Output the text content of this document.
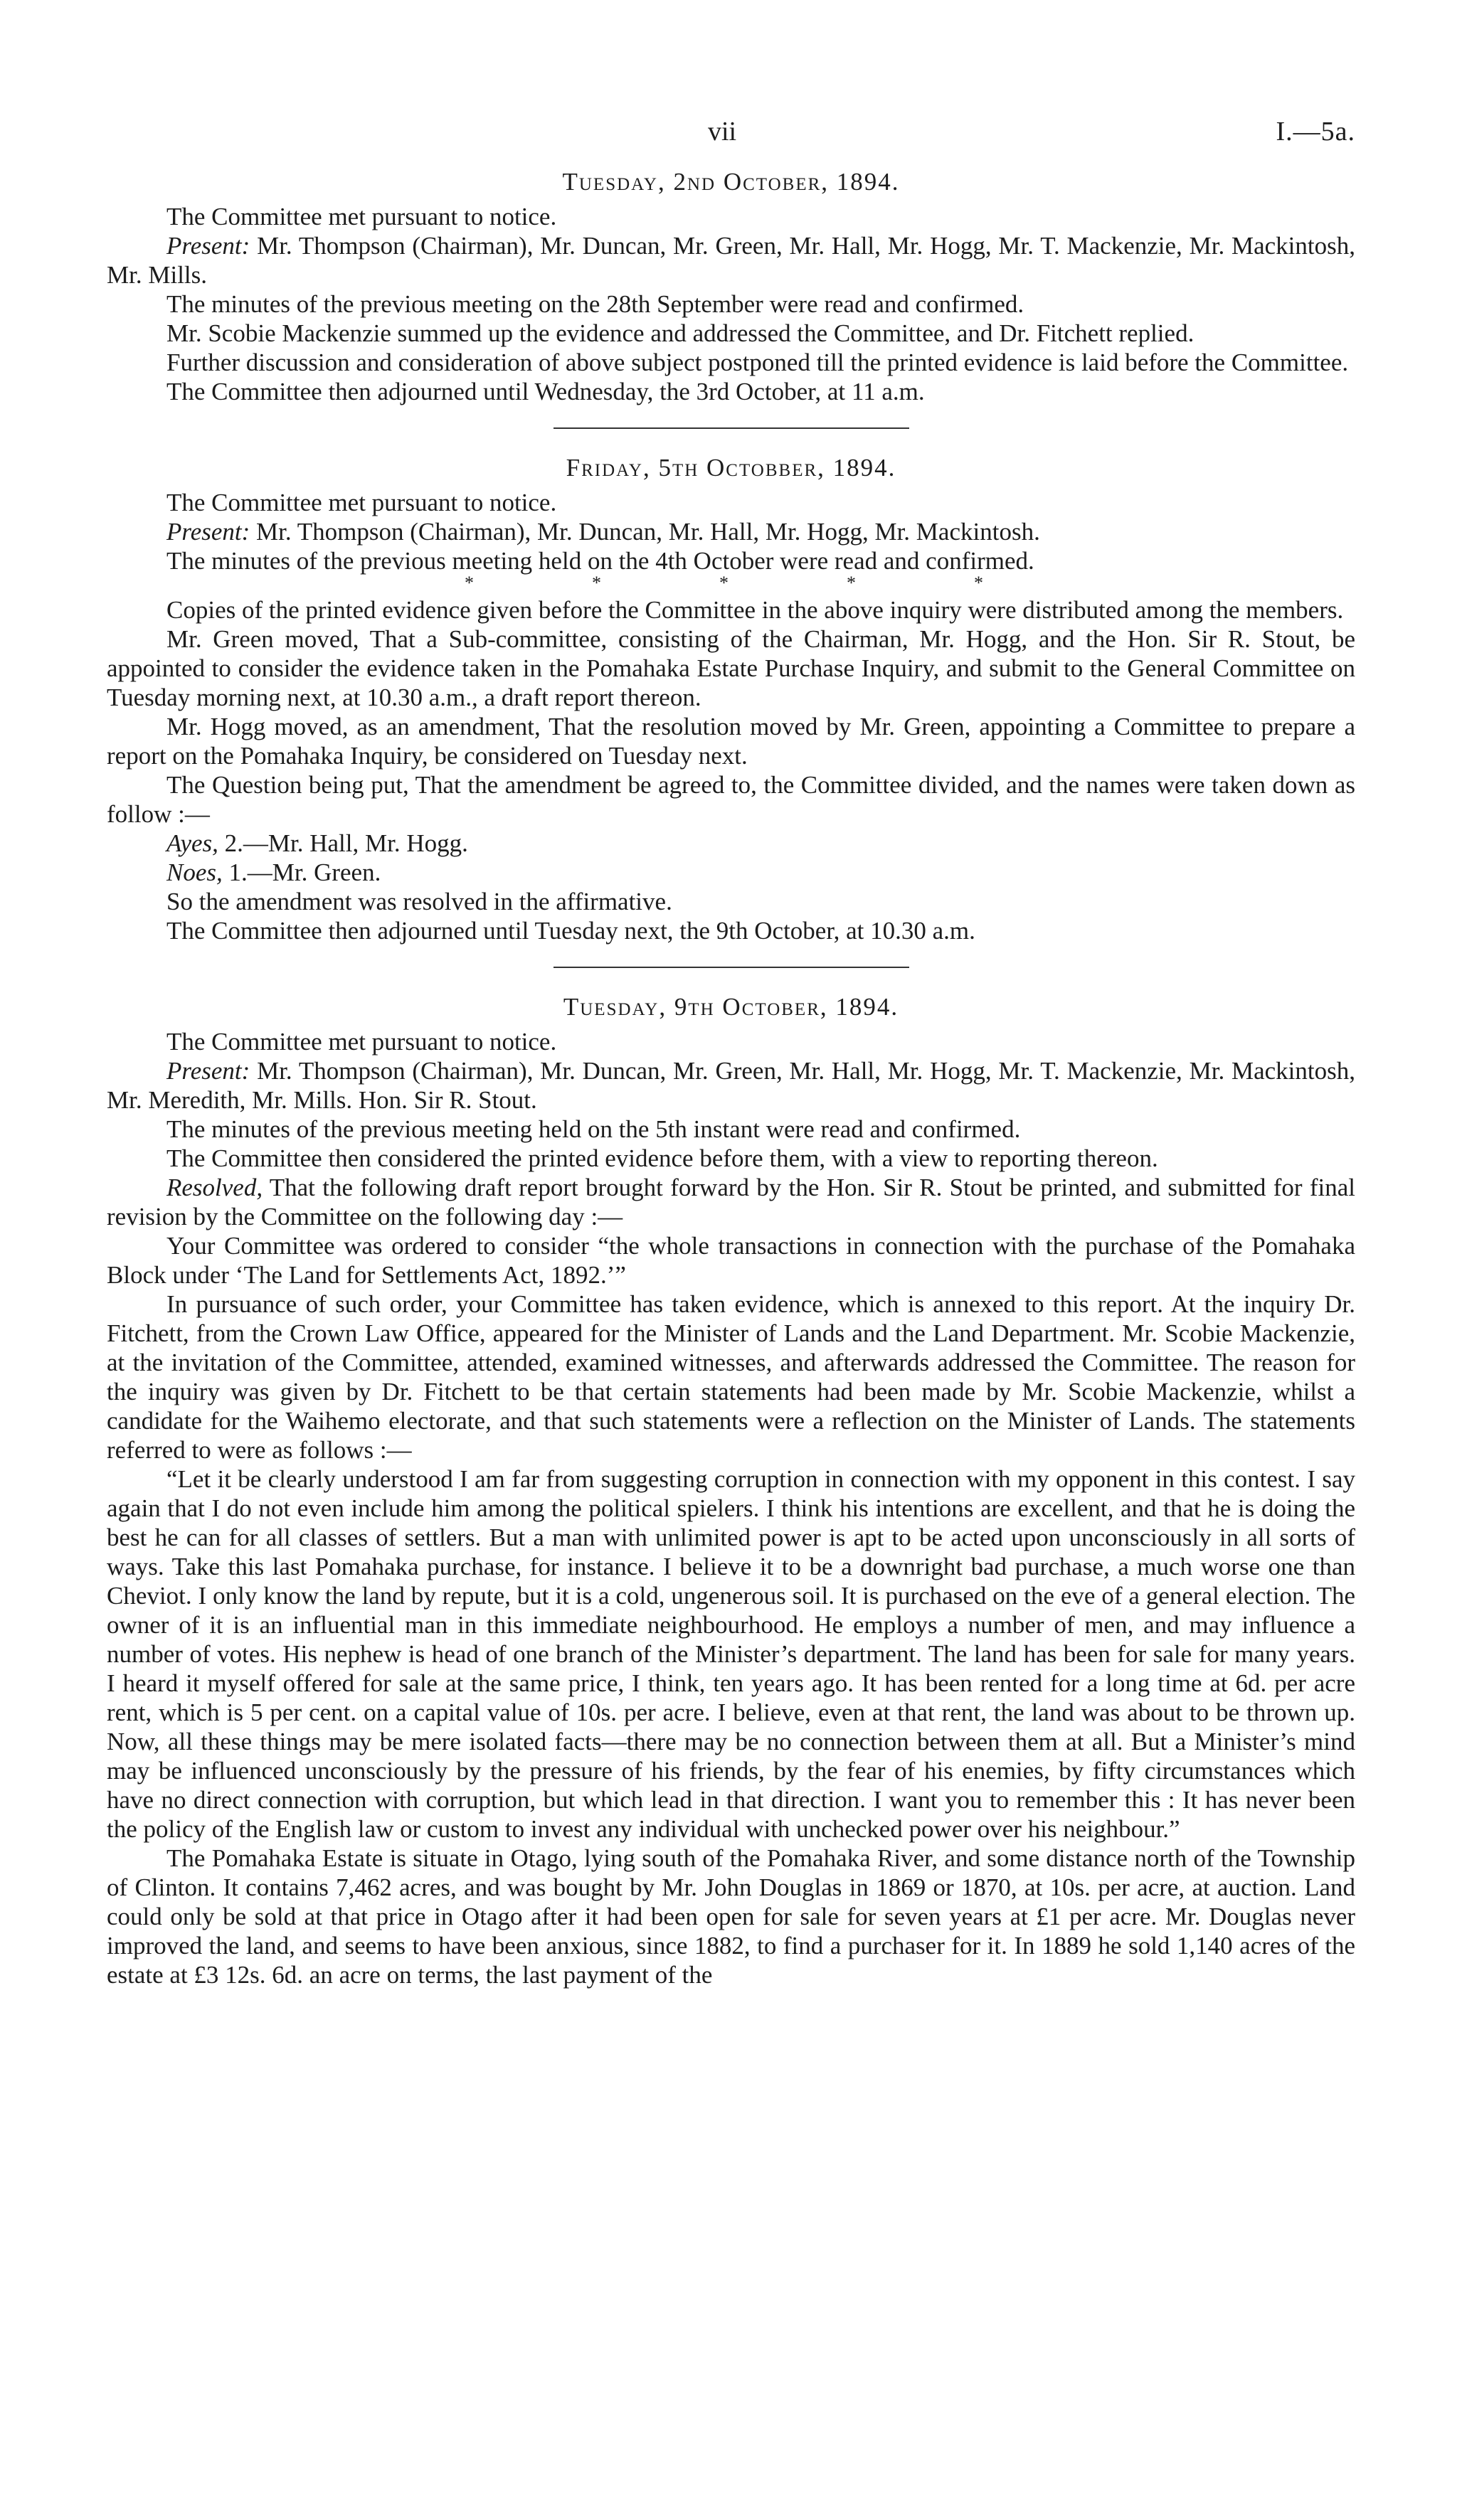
vii	I.—5a.
Tuesday, 2nd October, 1894.

The Committee met pursuant to notice.

Present: Mr. Thompson (Chairman), Mr. Duncan, Mr. Green, Mr. Hall, Mr. Hogg, Mr. T. Mackenzie, Mr. Mackintosh, Mr. Mills.

The minutes of the previous meeting on the 28th September were read and confirmed.

Mr. Scobie Mackenzie summed up the evidence and addressed the Committee, and Dr. Fitchett replied.

Further discussion and consideration of above subject postponed till the printed evidence is laid before the Committee.

The Committee then adjourned until Wednesday, the 3rd October, at 11 a.m.

Friday, 5th Octobber, 1894.

The Committee met pursuant to notice.

Present: Mr. Thompson (Chairman), Mr. Duncan, Mr. Hall, Mr. Hogg, Mr. Mackintosh.

The minutes of the previous meeting held on the 4th October were read and confirmed.

*	*	*	*	*

Copies of the printed evidence given before the Committee in the above inquiry were distributed among the members.

Mr. Green moved, That a Sub-committee, consisting of the Chairman, Mr. Hogg, and the Hon. Sir R. Stout, be appointed to consider the evidence taken in the Pomahaka Estate Purchase Inquiry, and submit to the General Committee on Tuesday morning next, at 10.30 a.m., a draft report thereon.

Mr. Hogg moved, as an amendment, That the resolution moved by Mr. Green, appointing a Committee to prepare a report on the Pomahaka Inquiry, be considered on Tuesday next.

The Question being put, That the amendment be agreed to, the Committee divided, and the names were taken down as follow :—

Ayes, 2.—Mr. Hall, Mr. Hogg.

Noes, 1.—Mr. Green.

So the amendment was resolved in the affirmative.

The Committee then adjourned until Tuesday next, the 9th October, at 10.30 a.m.

Tuesday, 9th October, 1894.

The Committee met pursuant to notice.

Present: Mr. Thompson (Chairman), Mr. Duncan, Mr. Green, Mr. Hall, Mr. Hogg, Mr. T. Mackenzie, Mr. Mackintosh, Mr. Meredith, Mr. Mills. Hon. Sir R. Stout.

The minutes of the previous meeting held on the 5th instant were read and confirmed.

The Committee then considered the printed evidence before them, with a view to reporting thereon.

Resolved, That the following draft report brought forward by the Hon. Sir R. Stout be printed, and submitted for final revision by the Committee on the following day :—

Your Committee was ordered to consider “the whole transactions in connection with the purchase of the Pomahaka Block under ‘The Land for Settlements Act, 1892.’”

In pursuance of such order, your Committee has taken evidence, which is annexed to this report. At the inquiry Dr. Fitchett, from the Crown Law Office, appeared for the Minister of Lands and the Land Department. Mr. Scobie Mackenzie, at the invitation of the Committee, attended, examined witnesses, and afterwards addressed the Committee. The reason for the inquiry was given by Dr. Fitchett to be that certain statements had been made by Mr. Scobie Mackenzie, whilst a candidate for the Waihemo electorate, and that such statements were a reflection on the Minister of Lands. The statements referred to were as follows :—

“Let it be clearly understood I am far from suggesting corruption in connection with my opponent in this contest. I say again that I do not even include him among the political spielers. I think his intentions are excellent, and that he is doing the best he can for all classes of settlers. But a man with unlimited power is apt to be acted upon unconsciously in all sorts of ways. Take this last Pomahaka purchase, for instance. I believe it to be a downright bad purchase, a much worse one than Cheviot. I only know the land by repute, but it is a cold, ungenerous soil. It is purchased on the eve of a general election. The owner of it is an influential man in this immediate neighbourhood. He employs a number of men, and may influence a number of votes. His nephew is head of one branch of the Minister’s department. The land has been for sale for many years. I heard it myself offered for sale at the same price, I think, ten years ago. It has been rented for a long time at 6d. per acre rent, which is 5 per cent. on a capital value of 10s. per acre. I believe, even at that rent, the land was about to be thrown up. Now, all these things may be mere isolated facts—there may be no connection between them at all. But a Minister’s mind may be influenced unconsciously by the pressure of his friends, by the fear of his enemies, by fifty circumstances which have no direct connection with corruption, but which lead in that direction. I want you to remember this : It has never been the policy of the English law or custom to invest any individual with unchecked power over his neighbour.”

The Pomahaka Estate is situate in Otago, lying south of the Pomahaka River, and some distance north of the Township of Clinton. It contains 7,462 acres, and was bought by Mr. John Douglas in 1869 or 1870, at 10s. per acre, at auction. Land could only be sold at that price in Otago after it had been open for sale for seven years at £1 per acre. Mr. Douglas never improved the land, and seems to have been anxious, since 1882, to find a purchaser for it. In 1889 he sold 1,140 acres of the estate at £3 12s. 6d. an acre on terms, the last payment of the
